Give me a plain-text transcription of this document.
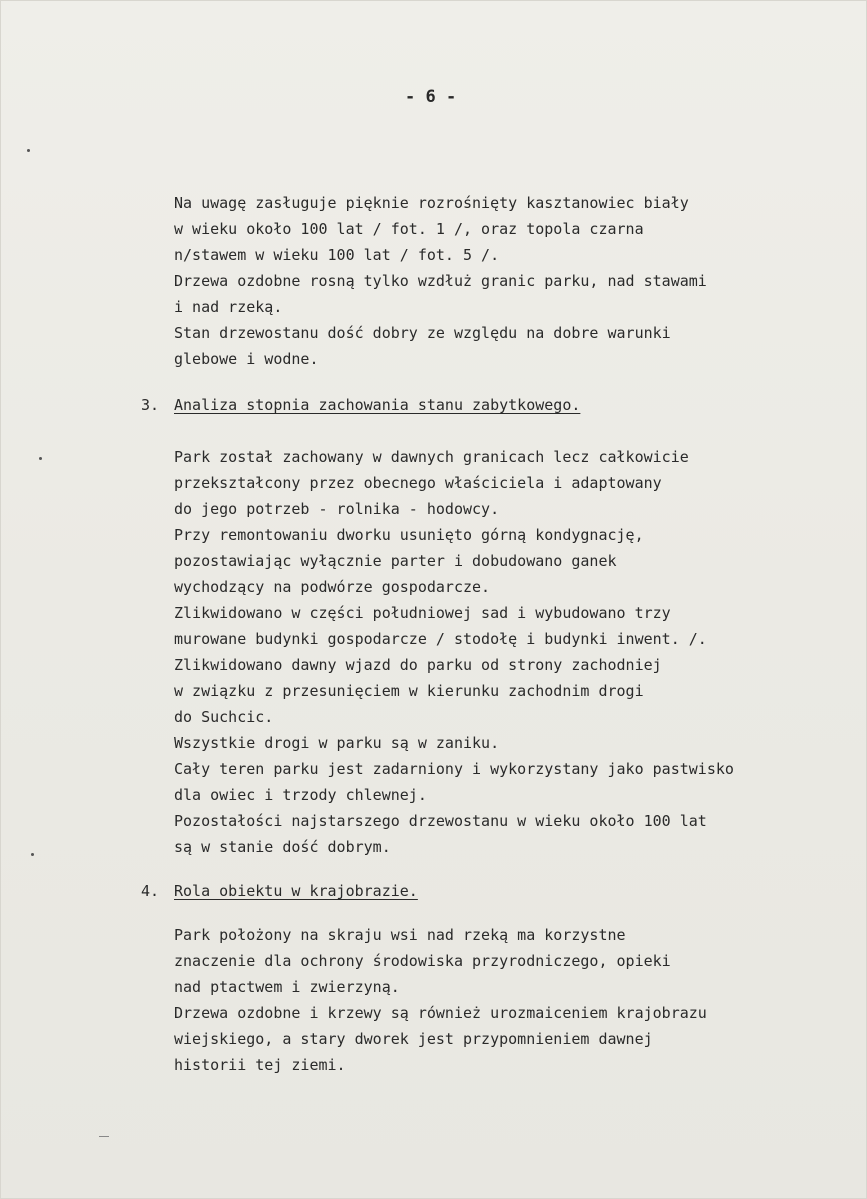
- 6 -
Na uwagę zasługuje pięknie rozrośnięty kasztanowiec biały
w wieku około 100 lat / fot. 1 /, oraz topola czarna
n/stawem w wieku 100 lat / fot. 5 /.
Drzewa ozdobne rosną tylko wzdłuż granic parku, nad stawami
i nad rzeką.
Stan drzewostanu dość dobry ze względu na dobre warunki
glebowe i wodne.
3. Analiza stopnia zachowania stanu zabytkowego.
Park został zachowany w dawnych granicach lecz całkowicie
przekształcony przez obecnego właściciela i adaptowany
do jego potrzeb - rolnika - hodowcy.
Przy remontowaniu dworku usunięto górną kondygnację,
pozostawiając wyłącznie parter i dobudowano ganek
wychodzący na podwórze gospodarcze.
Zlikwidowano w części południowej sad i wybudowano trzy
murowane budynki gospodarcze / stodołę i budynki inwent. /.
Zlikwidowano dawny wjazd do parku od strony zachodniej
w związku z przesunięciem w kierunku zachodnim drogi
do Suchcic.
Wszystkie drogi w parku są w zaniku.
Cały teren parku jest zadarniony i wykorzystany jako pastwisko
dla owiec i trzody chlewnej.
Pozostałości najstarszego drzewostanu w wieku około 100 lat
są w stanie dość dobrym.
4. Rola obiektu w krajobrazie.
Park położony na skraju wsi nad rzeką ma korzystne
znaczenie dla ochrony środowiska przyrodniczego, opieki
nad ptactwem i zwierzyną.
Drzewa ozdobne i krzewy są również urozmaiceniem krajobrazu
wiejskiego, a stary dworek jest przypomnieniem dawnej
historii tej ziemi.
